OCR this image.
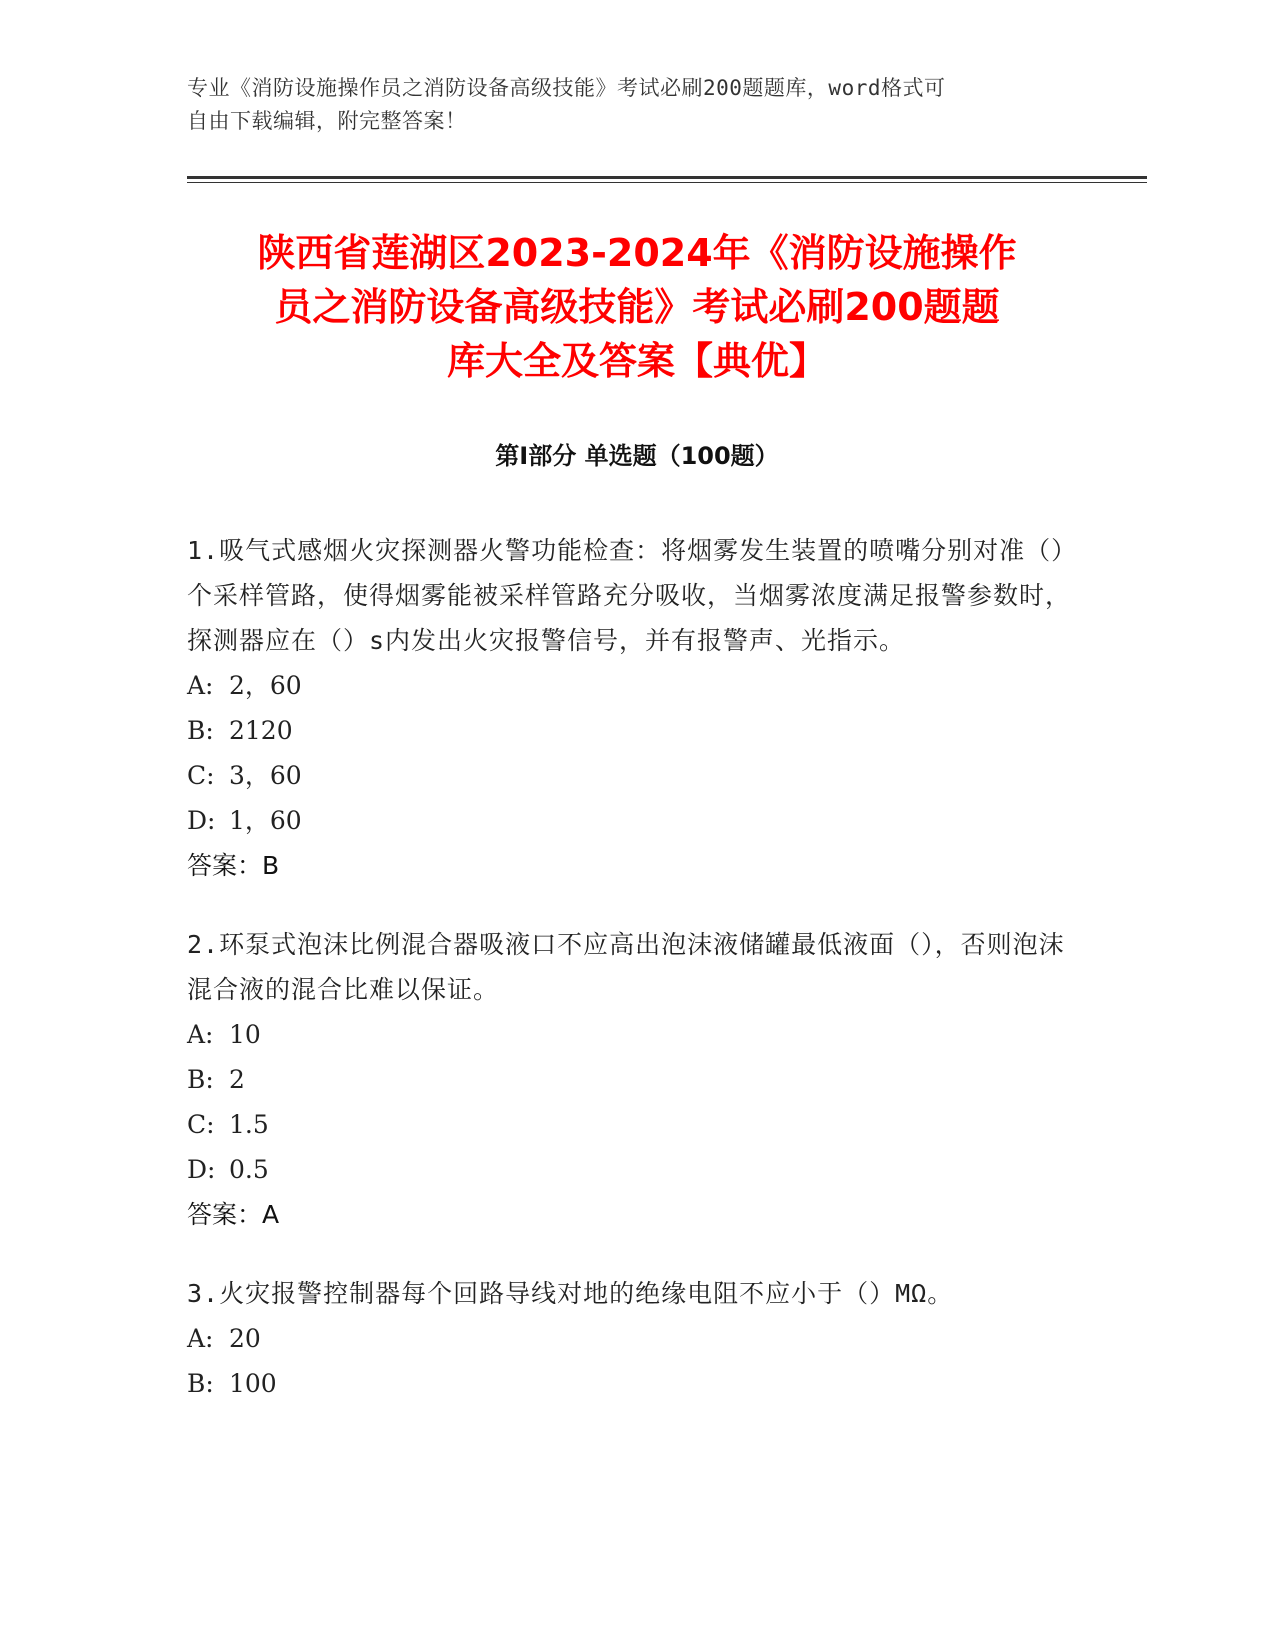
专业《消防设施操作员之消防设备高级技能》考试必刷200题题库，word格式可
自由下载编辑，附完整答案！
陕西省莲湖区2023-2024年《消防设施操作
员之消防设备高级技能》考试必刷200题题
库大全及答案【典优】
第Ⅰ部分 单选题（100题）
1.吸气式感烟火灾探测器火警功能检查：将烟雾发生装置的喷嘴分别对准（）个采样管路，使得烟雾能被采样管路充分吸收，当烟雾浓度满足报警参数时，探测器应在（）s内发出火灾报警信号，并有报警声、光指示。
A: 2，60
B: 2120
C: 3，60
D: 1，60
答案：B
2.环泵式泡沫比例混合器吸液口不应高出泡沫液储罐最低液面（），否则泡沫混合液的混合比难以保证。
A: 10
B: 2
C: 1.5
D: 0.5
答案：A
3.火灾报警控制器每个回路导线对地的绝缘电阻不应小于（）MΩ。
A: 20
B: 100
